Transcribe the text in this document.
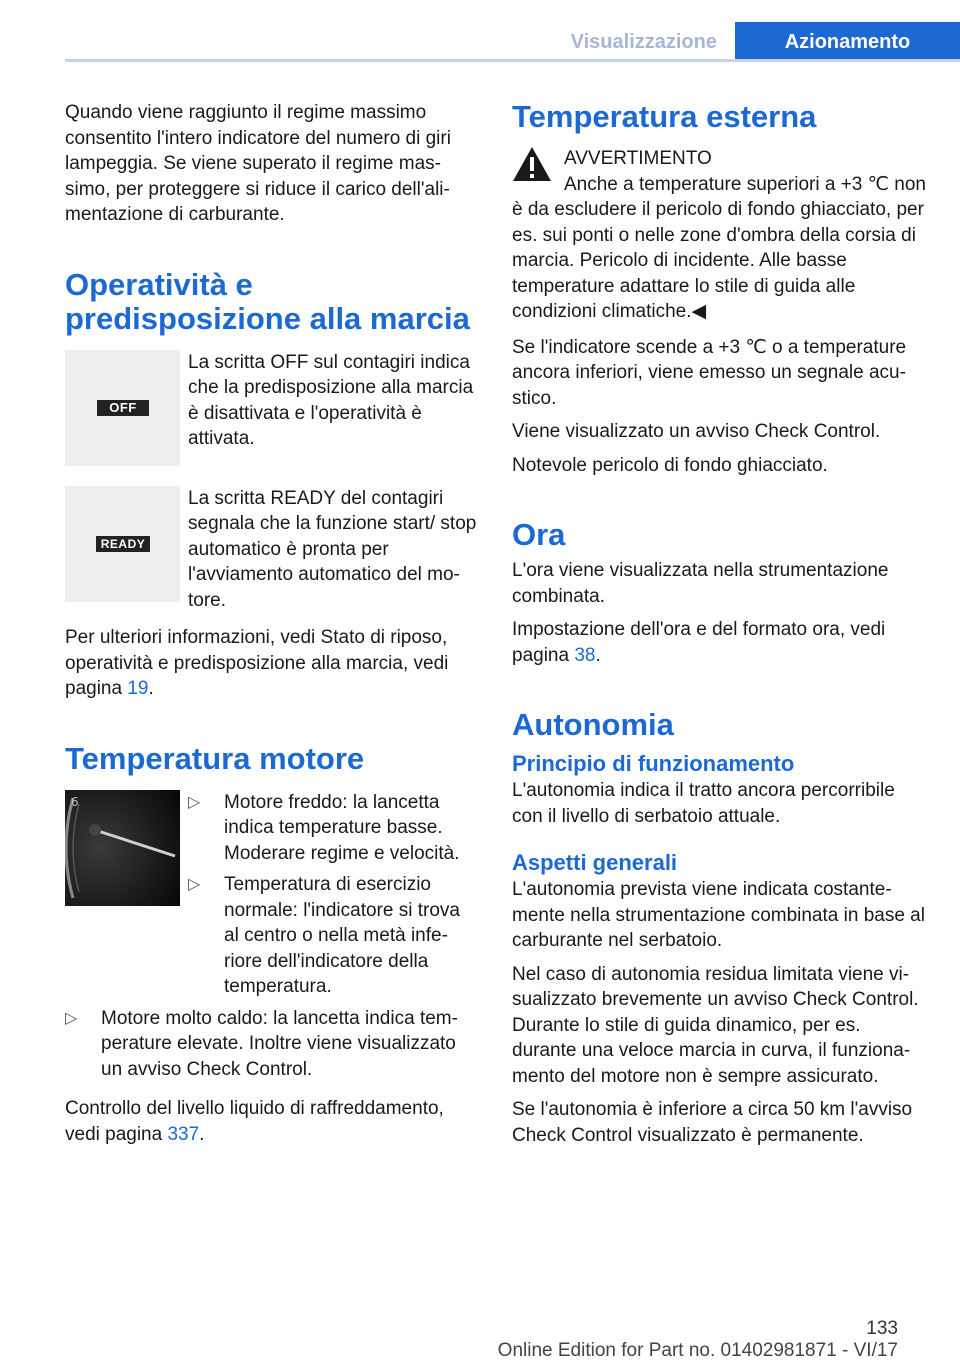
Visualizzazione	Azionamento

Quando viene raggiunto il regime massimo consentito l'intero indicatore del numero di giri lampeggia. Se viene superato il regime massimo, per proteggere si riduce il carico dell'alimentazione di carburante.

Operatività e predisposizione alla marcia
OFF
La scritta OFF sul contagiri indica che la predisposizione alla marcia è disattivata e l'operatività è attivata.
READY
La scritta READY del contagiri segnala che la funzione start/ stop automatico è pronta per l'avviamento automatico del motore.

Per ulteriori informazioni, vedi Stato di riposo, operatività e predisposizione alla marcia, vedi pagina 19.

Temperatura motore
6
▷	Motore freddo: la lancetta indica temperature basse. Moderare regime e velocità.
▷ Temperatura di esercizio normale: l'indicatore si trova al centro o nella metà inferiore dell'indicatore della temperatura.
▷ Motore molto caldo: la lancetta indica temperature elevate. Inoltre viene visualizzato un avviso Check Control.

Controllo del livello liquido di raffreddamento, vedi pagina 337.

Temperatura esterna
AVVERTIMENTO

Anche a temperature superiori a +3 ℃ non è da escludere il pericolo di fondo ghiacciato, per es. sui ponti o nelle zone d'ombra della corsia di marcia. Pericolo di incidente. Alle basse temperature adattare lo stile di guida alle condizioni climatiche.◀

Se l'indicatore scende a +3 ℃ o a temperature ancora inferiori, viene emesso un segnale acustico.

Viene visualizzato un avviso Check Control.

Notevole pericolo di fondo ghiacciato.

Ora

L'ora viene visualizzata nella strumentazione combinata.

Impostazione dell'ora e del formato ora, vedi pagina 38.

Autonomia
Principio di funzionamento

L'autonomia indica il tratto ancora percorribile con il livello di serbatoio attuale.

Aspetti generali

L'autonomia prevista viene indicata costantemente nella strumentazione combinata in base al carburante nel serbatoio.

Nel caso di autonomia residua limitata viene visualizzato brevemente un avviso Check Control. Durante lo stile di guida dinamico, per es. durante una veloce marcia in curva, il funzionamento del motore non è sempre assicurato.

Se l'autonomia è inferiore a circa 50 km l'avviso Check Control visualizzato è permanente.

133
Online Edition for Part no. 01402981871 - VI/17
